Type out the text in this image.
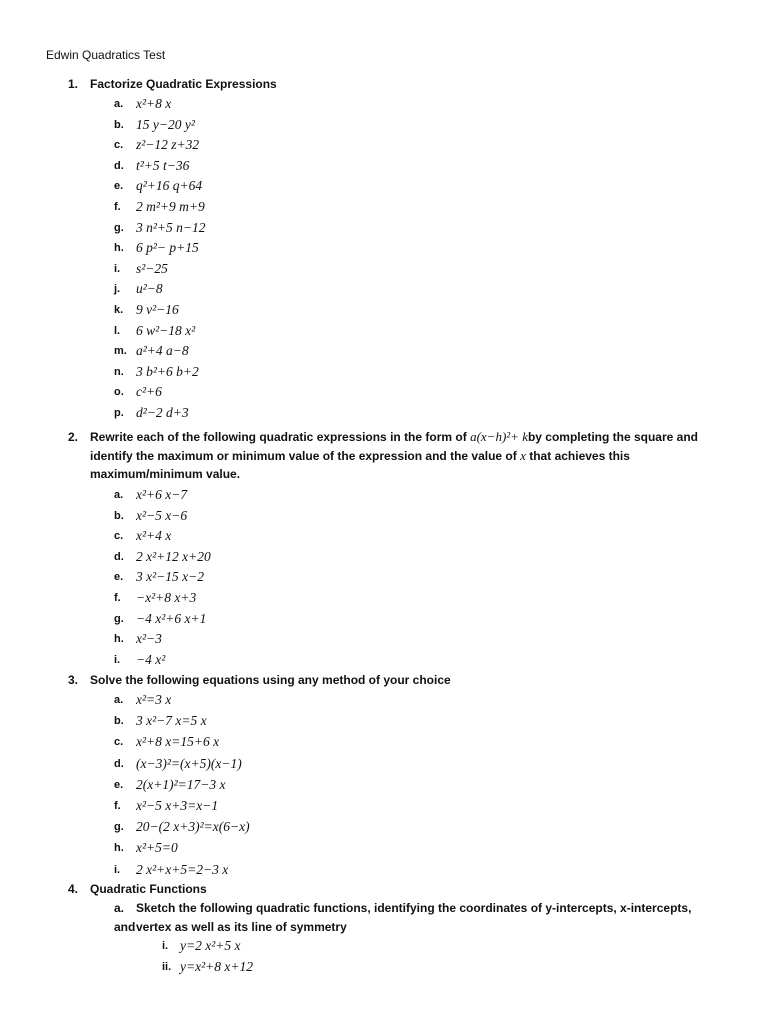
Edwin Quadratics Test
1. Factorize Quadratic Expressions
a. x²+8 x
b. 15 y−20 y²
c. z²−12 z+32
d. t²+5 t−36
e. q²+16 q+64
f. 2 m²+9 m+9
g. 3 n²+5 n−12
h. 6 p²− p+15
i. s²−25
j. u²−8
k. 9 v²−16
l. 6 w²−18 x²
m. a²+4 a−8
n. 3 b²+6 b+2
o. c²+6
p. d²−2 d+3
2. Rewrite each of the following quadratic expressions in the form of a(x−h)²+ kby completing the square and
identify the maximum or minimum value of the expression and the value of x that achieves this
maximum/minimum value.
a. x²+6 x−7
b. x²−5 x−6
c. x²+4 x
d. 2 x²+12 x+20
e. 3 x²−15 x−2
f. −x²+8 x+3
g. −4 x²+6 x+1
h. x²−3
i. −4 x²
3. Solve the following equations using any method of your choice
a. x²=3 x
b. 3 x²−7 x=5 x
c. x²+8 x=15+6 x
d. (x−3)²=(x+5)(x−1)
e. 2(x+1)²=17−3 x
f. x²−5 x+3=x−1
g. 20−(2 x+3)²=x(6−x)
h. x²+5=0
i. 2 x²+x+5=2−3 x
4. Quadratic Functions
a. Sketch the following quadratic functions, identifying the coordinates of y-intercepts, x-intercepts, and vertex as well as its line of symmetry
i. y=2 x²+5 x
ii. y=x²+8 x+12
